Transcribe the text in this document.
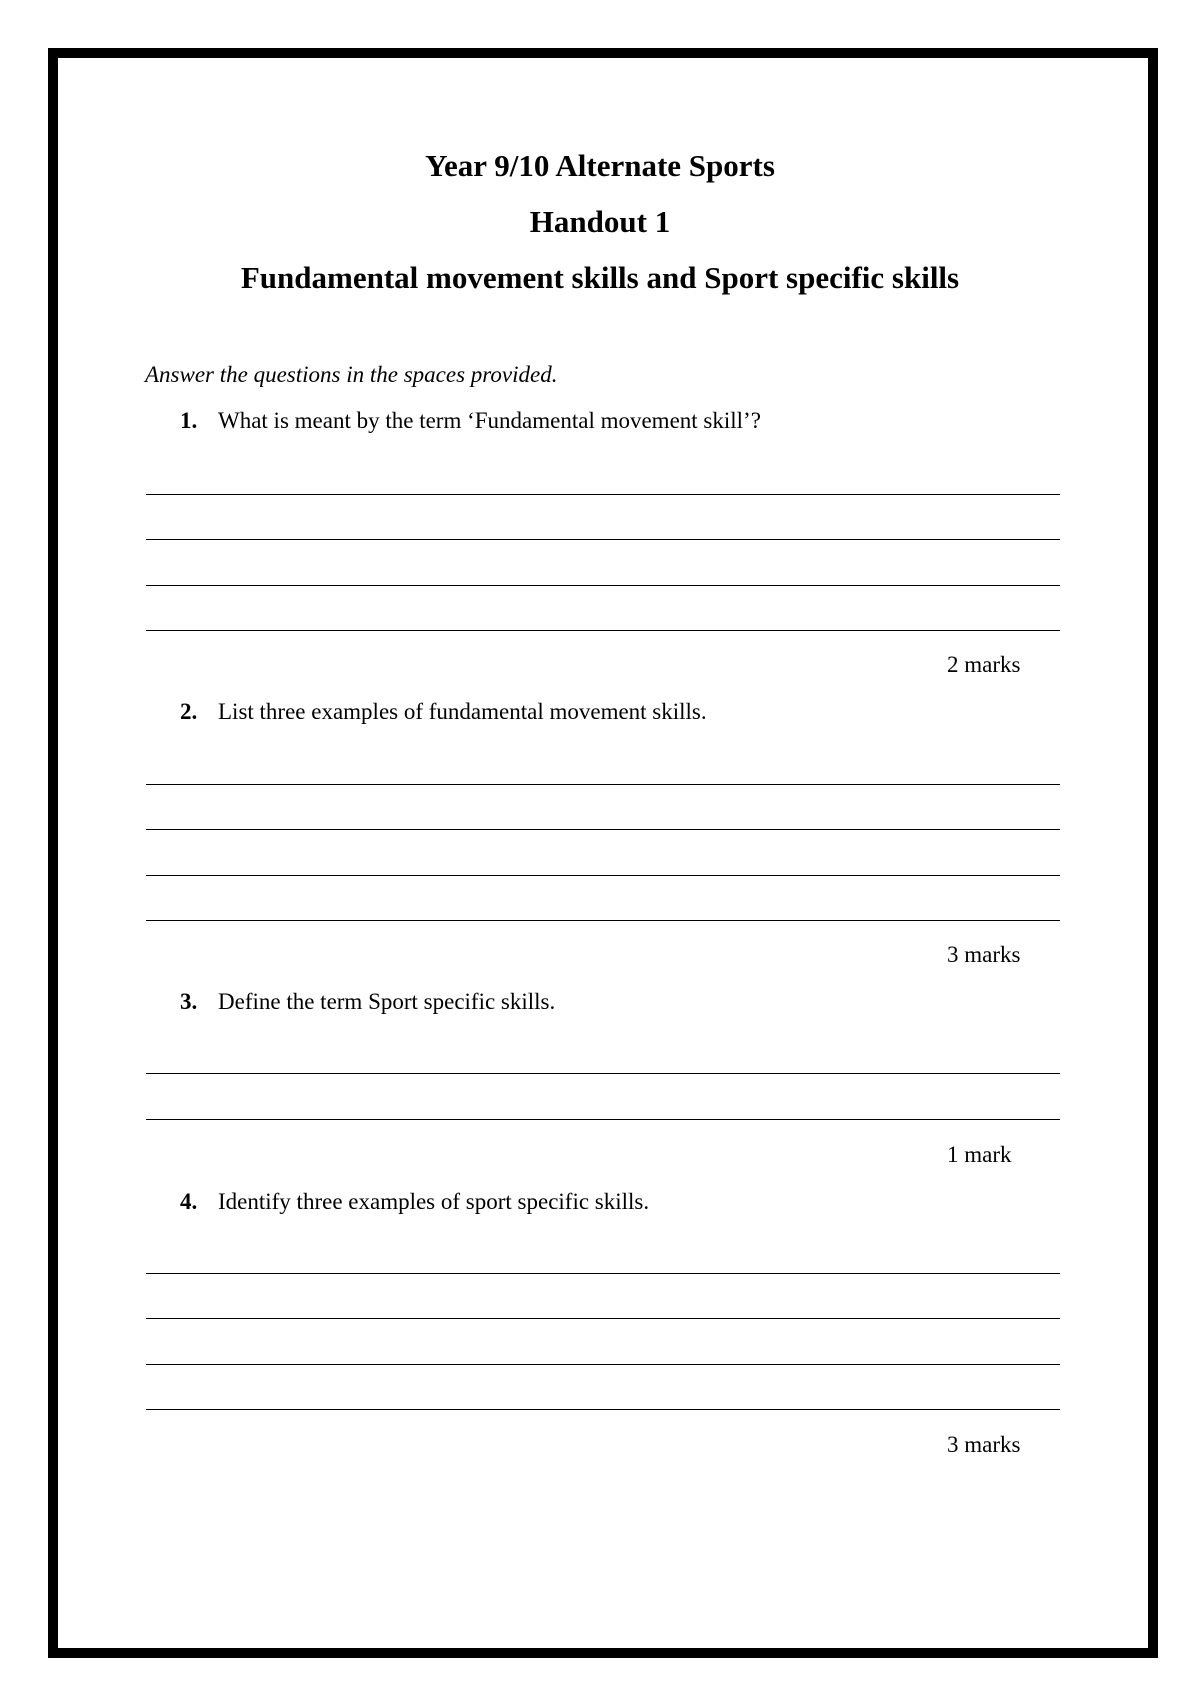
Year 9/10 Alternate Sports
Handout 1
Fundamental movement skills and Sport specific skills

Answer the questions in the spaces provided.

1. What is meant by the term ‘Fundamental movement skill’?

2 marks

2. List three examples of fundamental movement skills.

3 marks

3. Define the term Sport specific skills.

1 mark

4. Identify three examples of sport specific skills.

3 marks
